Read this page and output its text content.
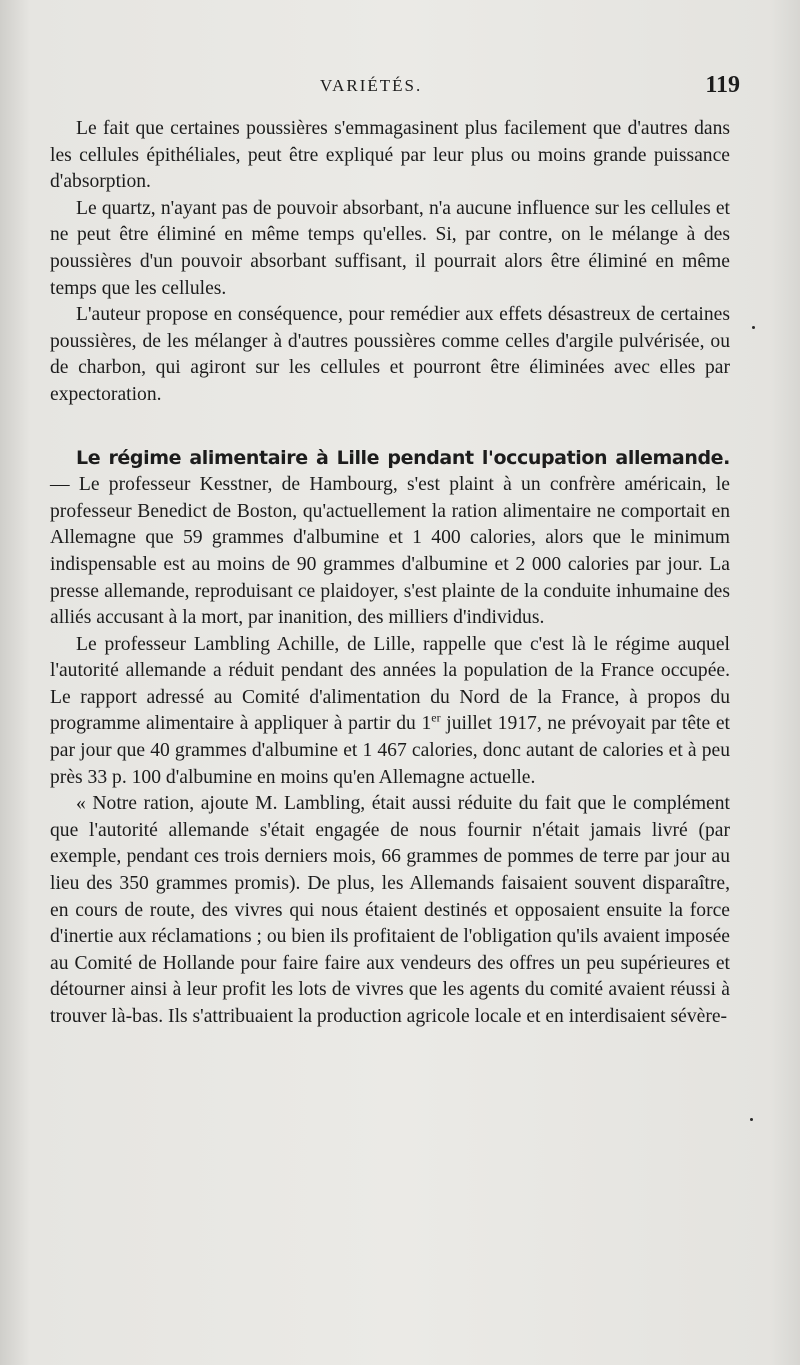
VARIÉTÉS.	119

Le fait que certaines poussières s'emmagasinent plus facilement que d'autres dans les cellules épithéliales, peut être expliqué par leur plus ou moins grande puissance d'absorption.

Le quartz, n'ayant pas de pouvoir absorbant, n'a aucune influence sur les cellules et ne peut être éliminé en même temps qu'elles. Si, par contre, on le mélange à des poussières d'un pouvoir absorbant suffisant, il pourrait alors être éliminé en même temps que les cellules.

L'auteur propose en conséquence, pour remédier aux effets désastreux de certaines poussières, de les mélanger à d'autres poussières comme celles d'argile pulvérisée, ou de charbon, qui agiront sur les cellules et pourront être éliminées avec elles par expectoration.

Le régime alimentaire à Lille pendant l'occupation allemande. — Le professeur Kesstner, de Hambourg, s'est plaint à un confrère américain, le professeur Benedict de Boston, qu'actuellement la ration alimentaire ne comportait en Allemagne que 59 grammes d'albumine et 1 400 calories, alors que le minimum indispensable est au moins de 90 grammes d'albumine et 2 000 calories par jour. La presse allemande, reproduisant ce plaidoyer, s'est plainte de la conduite inhumaine des alliés accusant à la mort, par inanition, des milliers d'individus.

Le professeur Lambling Achille, de Lille, rappelle que c'est là le régime auquel l'autorité allemande a réduit pendant des années la population de la France occupée. Le rapport adressé au Comité d'alimentation du Nord de la France, à propos du programme alimentaire à appliquer à partir du 1er juillet 1917, ne prévoyait par tête et par jour que 40 grammes d'albumine et 1 467 calories, donc autant de calories et à peu près 33 p. 100 d'albumine en moins qu'en Allemagne actuelle.

« Notre ration, ajoute M. Lambling, était aussi réduite du fait que le complément que l'autorité allemande s'était engagée de nous fournir n'était jamais livré (par exemple, pendant ces trois derniers mois, 66 grammes de pommes de terre par jour au lieu des 350 grammes promis). De plus, les Allemands faisaient souvent disparaître, en cours de route, des vivres qui nous étaient destinés et opposaient ensuite la force d'inertie aux réclamations ; ou bien ils profitaient de l'obligation qu'ils avaient imposée au Comité de Hollande pour faire faire aux vendeurs des offres un peu supérieures et détourner ainsi à leur profit les lots de vivres que les agents du comité avaient réussi à trouver là-bas. Ils s'attribuaient la production agricole locale et en interdisaient sévère-
